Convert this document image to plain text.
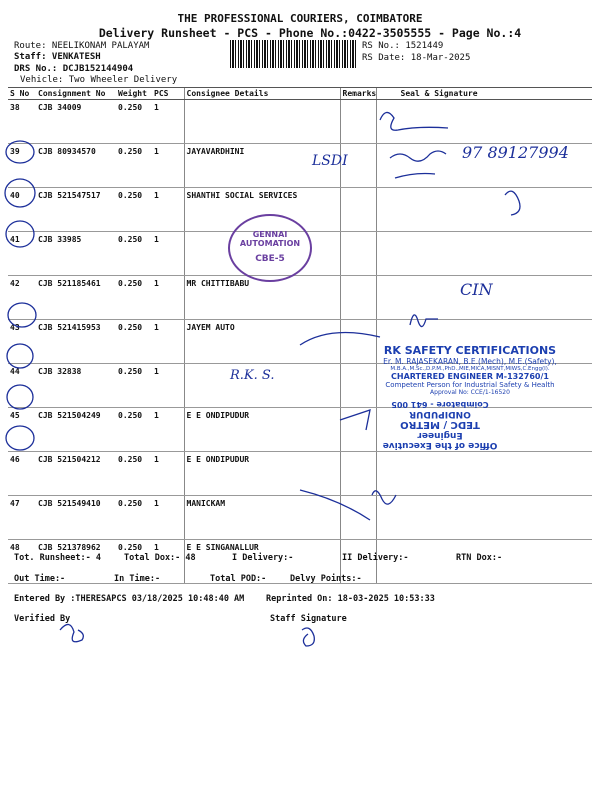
THE PROFESSIONAL COURIERS, COIMBATORE
Delivery Runsheet - PCS - Phone No.:0422-3505555 - Page No.:4
Route: NEELIKONAM PALAYAM
Staff: VENKATESH
DRS No.: DCJB152144904
Vehicle: Two Wheeler Delivery
RS No.: 1521449
RS Date: 18-Mar-2025
S No	Consignment No	Weight	PCS	Consignee Details	Remarks	Seal & Signature
38	CJB 34009	0.250	1			
39	CJB 80934570	0.250	1	JAYAVARDHINI		
40	CJB 521547517	0.250	1	SHANTHI SOCIAL SERVICES		
41	CJB 33985	0.250	1			
42	CJB 521185461	0.250	1	MR CHITTIBABU		
43	CJB 521415953	0.250	1	JAYEM AUTO		
44	CJB 32838	0.250	1			
45	CJB 521504249	0.250	1	E E ONDIPUDUR		
46	CJB 521504212	0.250	1	E E ONDIPUDUR		
47	CJB 521549410	0.250	1	MANICKAM		
48	CJB 521378962	0.250	1	E E SINGANALLUR		
97 89127994
LSDI
CIN
R.K. S.
GENNAI AUTOMATION
CBE-5
RK SAFETY CERTIFICATIONS
Er. M. RAJASEKARAN, B.E.(Mech), M.E.(Safety),
M.B.A.,M.Sc.,D.P.M.,PhD.,MIE,MICA,MISNT,MIWS,C.Engg(I).
CHARTERED ENGINEER M-132760/1
Competent Person for Industrial Safety & Health
Approval No: CCE/1-16520
Office of the Executive Engineer
TEDC / METRO
ONDIPUDUR
Coimbatore - 641 005
Tot. Runsheet:- 4	Total Dox:- 48	I Delivery:-	II Delivery:-	RTN Dox:-
Out Time:-	In Time:-	Total POD:-	Delvy Points:-
Entered By :THERESAPCS 03/18/2025 10:48:40 AM	Reprinted On: 18-03-2025 10:53:33
Verified By	Staff Signature
